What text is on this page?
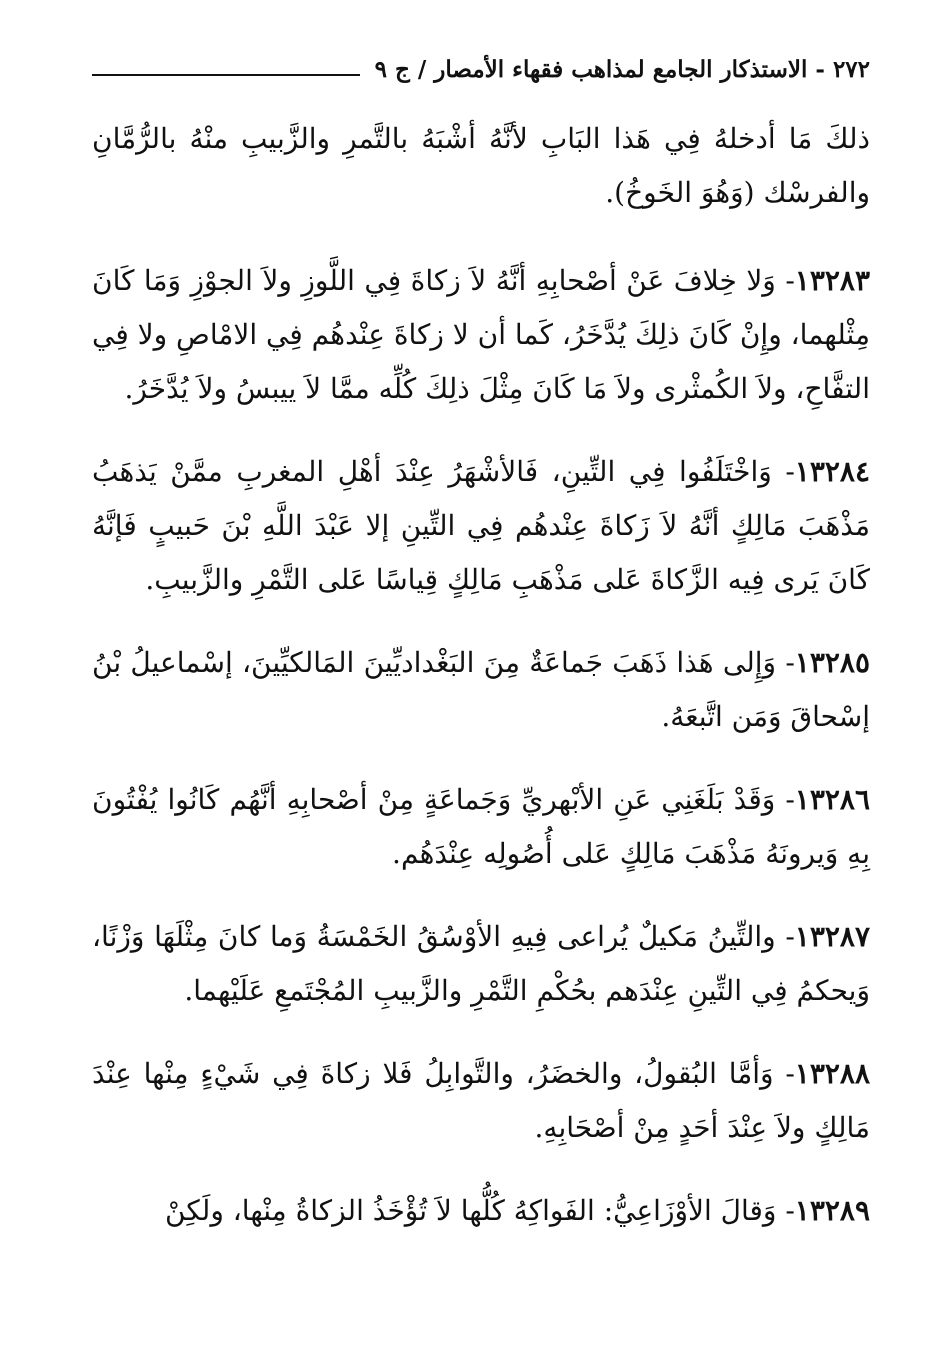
٢٧٢ - الاستذكار الجامع لمذاهب فقهاء الأمصار / ج ٩

ذلكَ مَا أدخلهُ فِي هَذا البَابِ لأنَّهُ أشْبَهُ بالتَّمرِ والزَّبيبِ منْهُ بالرُّمَّانِ والفرسْك (وَهُوَ الخَوخُ).

١٣٢٨٣- وَلا خِلافَ عَنْ أصْحابِهِ أنَّهُ لاَ زكاةَ فِي اللَّوزِ ولاَ الجوْزِ وَمَا كَانَ مِثْلهما، وإِنْ كَانَ ذلِكَ يُدَّخَرُ، كَما أن لا زكاةَ عِنْدهُم فِي الامْاصِ ولا فِي التفَّاحِ، ولاَ الكُمثْرى ولاَ مَا كَانَ مِثْلَ ذلِكَ كُلِّه ممَّا لاَ ييبسُ ولاَ يُدَّخَرُ.

١٣٢٨٤- وَاخْتَلَفُوا فِي التِّينِ، فَالأشْهَرُ عِنْدَ أهْلِ المغربِ ممَّنْ يَذهَبُ مَذْهَبَ مَالِكٍ أنَّهُ لاَ زَكاةَ عِنْدهُم فِي التِّينِ إلا عَبْدَ اللَّهِ بْنَ حَبيبٍ فَإنَّهُ كَانَ يَرى فِيه الزَّكاةَ عَلى مَذْهَبِ مَالِكٍ قِياسًا عَلى التَّمْرِ والزَّبيبِ.

١٣٢٨٥- وَإِلى هَذا ذَهَبَ جَماعَةٌ مِنَ البَغْداديِّينَ المَالكيِّينَ، إسْماعيلُ بْنُ إسْحاقَ وَمَن اتَّبعَهُ.

١٣٢٨٦- وَقَدْ بَلَغَنِي عَنِ الأبْهريِّ وَجَماعَةٍ مِنْ أصْحابِهِ أنَّهُم كَانُوا يُفْتُونَ بِهِ وَيرونَهُ مَذْهَبَ مَالِكٍ عَلى أُصُولِه عِنْدَهُم.

١٣٢٨٧- والتِّينُ مَكيلٌ يُراعى فِيهِ الأوْسُقُ الخَمْسَةُ وَما كانَ مِثْلَهَا وَزْنًا، وَيحكمُ فِي التِّينِ عِنْدَهم بحُكْمِ التَّمْرِ والزَّبيبِ المُجْتَمعِ عَلَيْهما.

١٣٢٨٨- وَأمَّا البُقولُ، والخضَرُ، والتَّوابِلُ فَلا زكاةَ فِي شَيْءٍ مِنْها عِنْدَ مَالِكٍ ولاَ عِنْدَ أحَدٍ مِنْ أصْحَابِهِ.

١٣٢٨٩- وَقالَ الأوْزَاعِيُّ: الفَواكِهُ كُلُّها لاَ تُؤْخَذُ الزكاةُ مِنْها، ولَكِنْ
